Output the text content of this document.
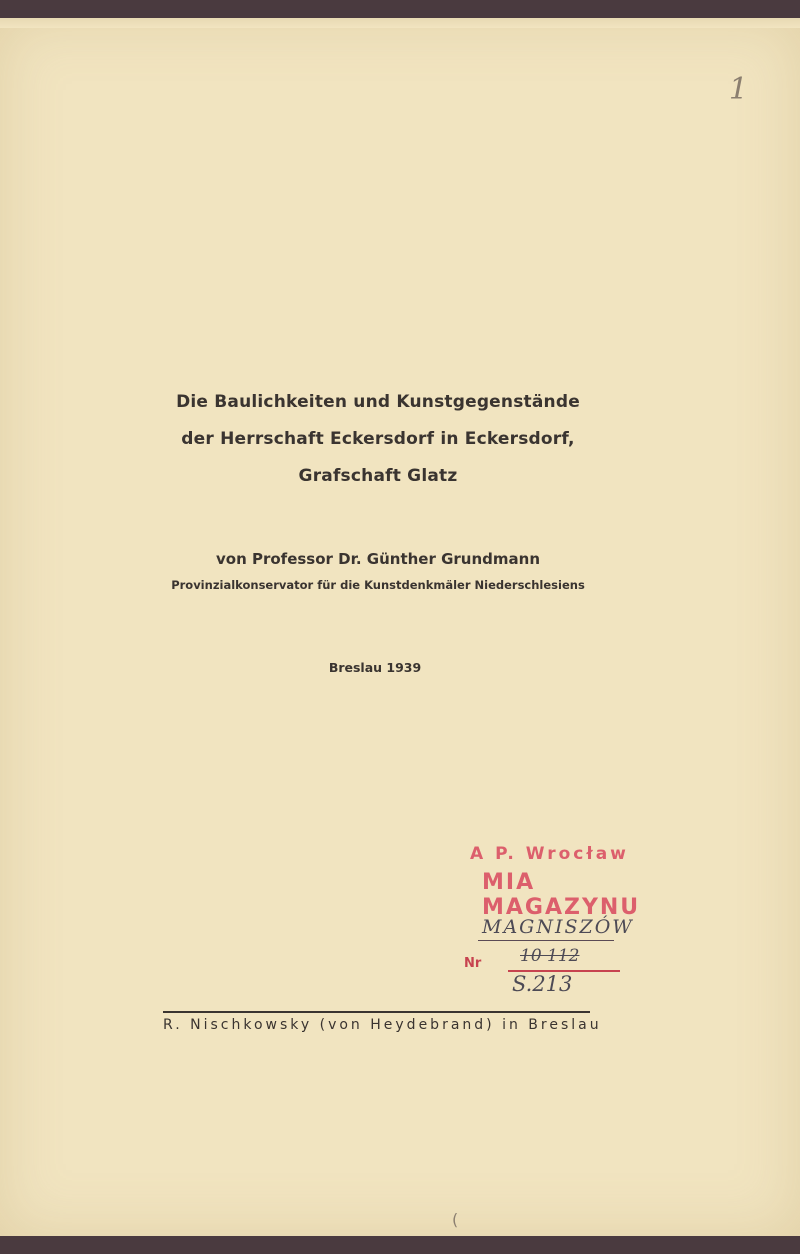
1
Die Baulichkeiten und Kunstgegenstände
der Herrschaft Eckersdorf in Eckersdorf,
Grafschaft Glatz
von Professor Dr. Günther Grundmann
Provinzialkonservator für die Kunstdenkmäler Niederschlesiens
Breslau 1939
A P. Wrocław
MIA MAGAZYNU
MAGNISZÓW
Nr 10 112
S.213
R. Nischkowsky (von Heydebrand) in Breslau
(
